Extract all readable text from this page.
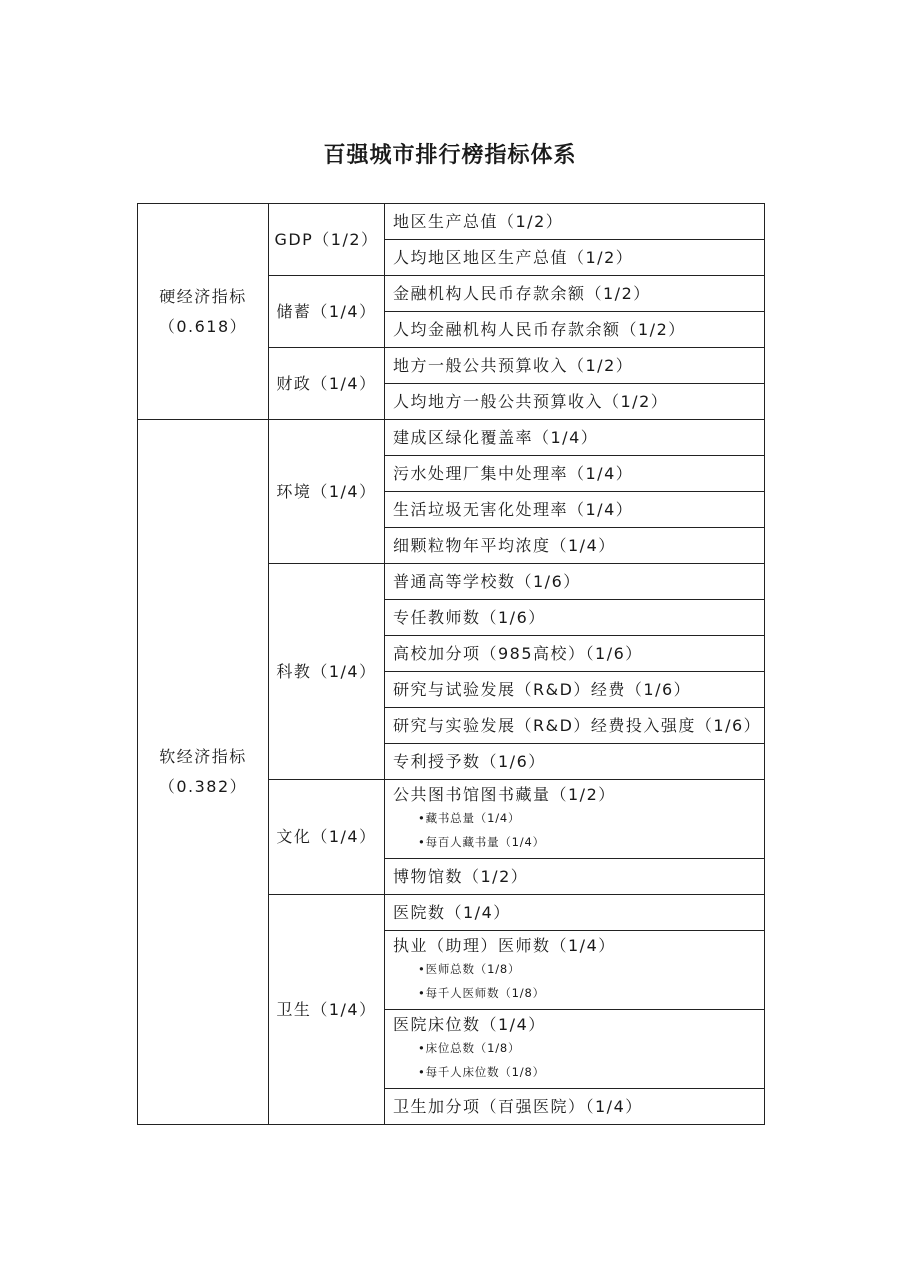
百强城市排行榜指标体系
硬经济指标
（0.618）	GDP（1/2）	地区生产总值（1/2）

		人均地区地区生产总值（1/2）

	储蓄（1/4）	金融机构人民币存款余额（1/2）

		人均金融机构人民币存款余额（1/2）

	财政（1/4）	地方一般公共预算收入（1/2）

		人均地方一般公共预算收入（1/2）

软经济指标
（0.382）	环境（1/4）	建成区绿化覆盖率（1/4）

		污水处理厂集中处理率（1/4）

		生活垃圾无害化处理率（1/4）

		细颗粒物年平均浓度（1/4）

	科教（1/4）	普通高等学校数（1/6）

		专任教师数（1/6）

		高校加分项（985高校）（1/6）

		研究与试验发展（R&D）经费（1/6）

		研究与实验发展（R&D）经费投入强度（1/6）

		专利授予数（1/6）

	文化（1/4）	公共图书馆图书藏量（1/2）
•藏书总量（1/4）
•每百人藏书量（1/4）

		博物馆数（1/2）

	卫生（1/4）	医院数（1/4）

		执业（助理）医师数（1/4）
•医师总数（1/8）
•每千人医师数（1/8）

		医院床位数（1/4）
•床位总数（1/8）
•每千人床位数（1/8）

		卫生加分项（百强医院）（1/4）
